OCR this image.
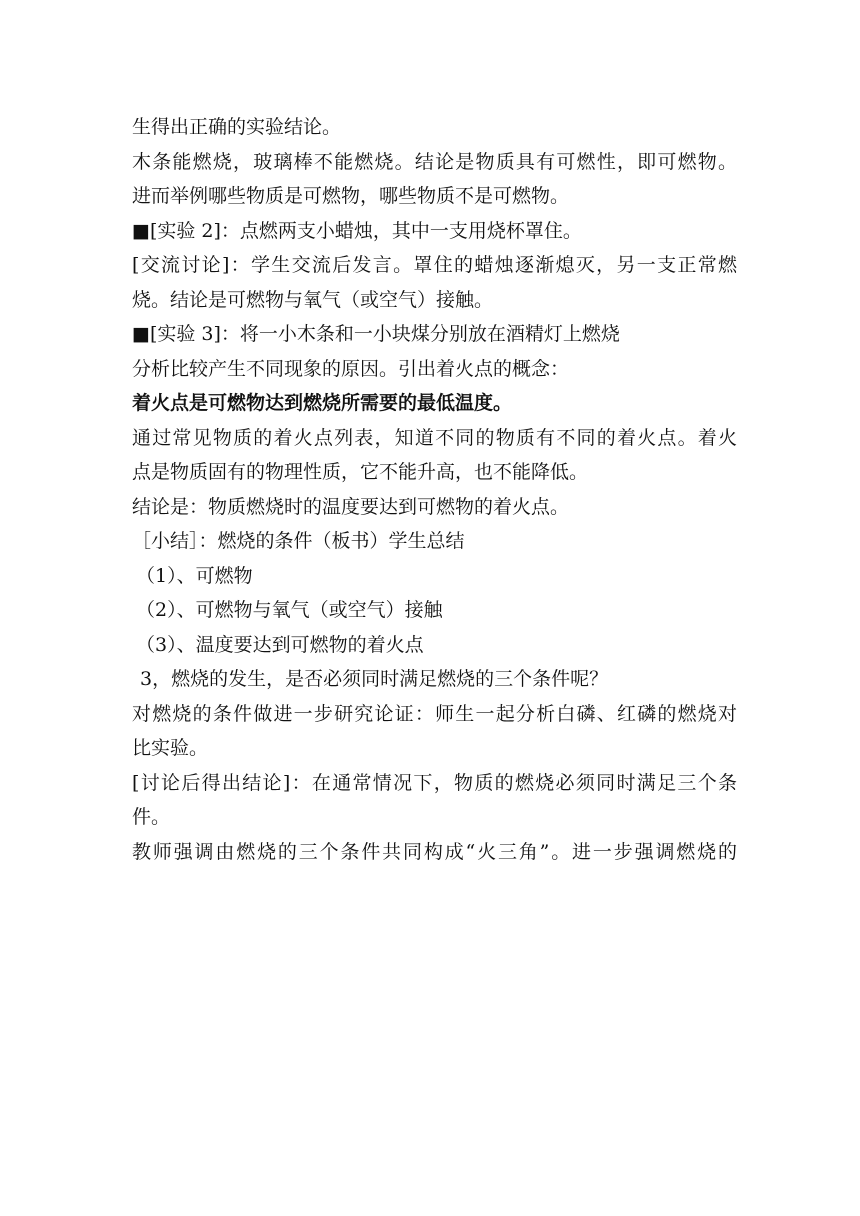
生得出正确的实验结论。
木条能燃烧，玻璃棒不能燃烧。结论是物质具有可燃性，即可燃物。
进而举例哪些物质是可燃物，哪些物质不是可燃物。
■[实验 2]：点燃两支小蜡烛，其中一支用烧杯罩住。
[交流讨论]：学生交流后发言。罩住的蜡烛逐渐熄灭，另一支正常燃
烧。结论是可燃物与氧气（或空气）接触。
■[实验 3]：将一小木条和一小块煤分别放在酒精灯上燃烧
分析比较产生不同现象的原因。引出着火点的概念：
着火点是可燃物达到燃烧所需要的最低温度。
通过常见物质的着火点列表，知道不同的物质有不同的着火点。着火
点是物质固有的物理性质，它不能升高，也不能降低。
结论是：物质燃烧时的温度要达到可燃物的着火点。
［小结］：燃烧的条件（板书）学生总结
（1）、可燃物
（2）、可燃物与氧气（或空气）接触
（3）、温度要达到可燃物的着火点
3，燃烧的发生，是否必须同时满足燃烧的三个条件呢？
对燃烧的条件做进一步研究论证：师生一起分析白磷、红磷的燃烧对
比实验。
[讨论后得出结论]：在通常情况下，物质的燃烧必须同时满足三个条
件。
教师强调由燃烧的三个条件共同构成“火三角”。进一步强调燃烧的
